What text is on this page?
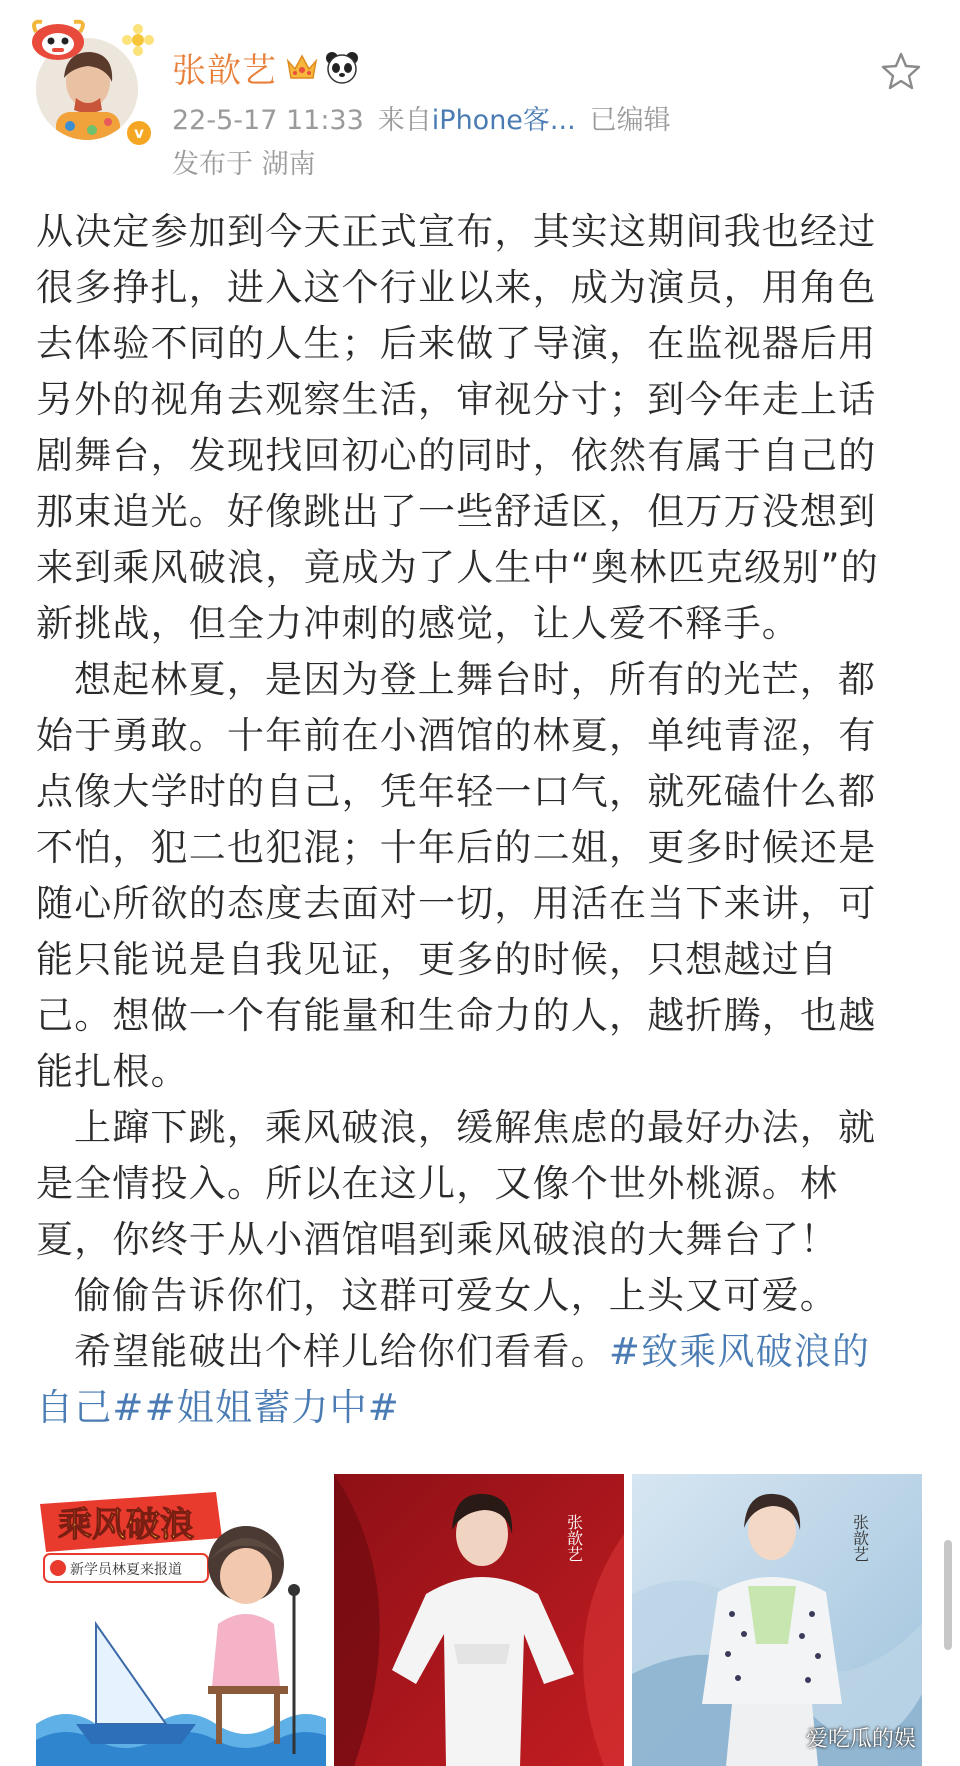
v
张歆艺
22-5-17 11:33 来自iPhone客... 已编辑
发布于 湖南
从决定参加到今天正式宣布，其实这期间我也经过
很多挣扎，进入这个行业以来，成为演员，用角色
去体验不同的人生；后来做了导演，在监视器后用
另外的视角去观察生活，审视分寸；到今年走上话
剧舞台，发现找回初心的同时，依然有属于自己的
那束追光。好像跳出了一些舒适区，但万万没想到
来到乘风破浪，竟成为了人生中“奥林匹克级别”的
新挑战，但全力冲刺的感觉，让人爱不释手。
想起林夏，是因为登上舞台时，所有的光芒，都
始于勇敢。十年前在小酒馆的林夏，单纯青涩，有
点像大学时的自己，凭年轻一口气，就死磕什么都
不怕，犯二也犯混；十年后的二姐，更多时候还是
随心所欲的态度去面对一切，用活在当下来讲，可
能只能说是自我见证，更多的时候，只想越过自
己。想做一个有能量和生命力的人，越折腾，也越
能扎根。
上蹿下跳，乘风破浪，缓解焦虑的最好办法，就
是全情投入。所以在这儿，又像个世外桃源。林
夏，你终于从小酒馆唱到乘风破浪的大舞台了！
偷偷告诉你们，这群可爱女人，上头又可爱。
希望能破出个样儿给你们看看。#致乘风破浪的
自己##姐姐蓄力中#
乘风破浪
新学员林夏来报道
张歆艺	张歆艺
爱吃瓜的娱
